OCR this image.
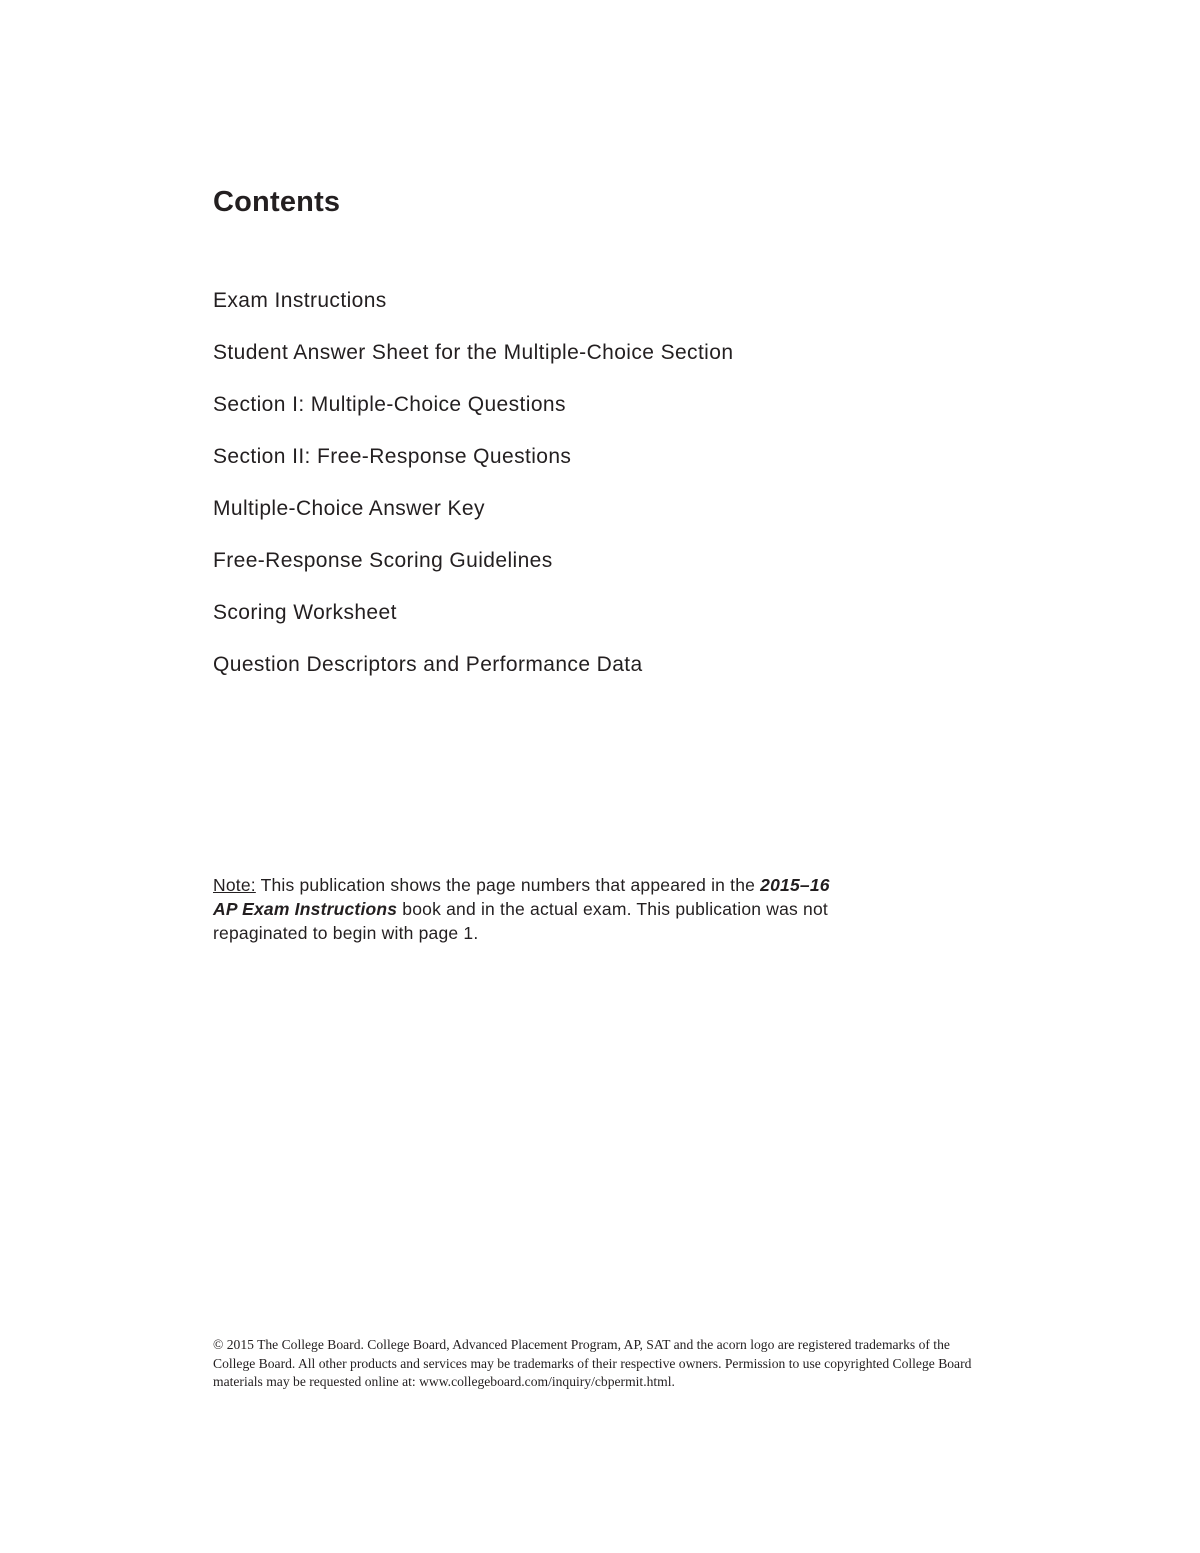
Contents
Exam Instructions
Student Answer Sheet for the Multiple-Choice Section
Section I: Multiple-Choice Questions
Section II: Free-Response Questions
Multiple-Choice Answer Key
Free-Response Scoring Guidelines
Scoring Worksheet
Question Descriptors and Performance Data

Note: This publication shows the page numbers that appeared in the 2015–16 AP Exam Instructions book and in the actual exam. This publication was not repaginated to begin with page 1.

© 2015 The College Board. College Board, Advanced Placement Program, AP, SAT and the acorn logo are registered trademarks of the College Board. All other products and services may be trademarks of their respective owners. Permission to use copyrighted College Board materials may be requested online at: www.collegeboard.com/inquiry/cbpermit.html.
